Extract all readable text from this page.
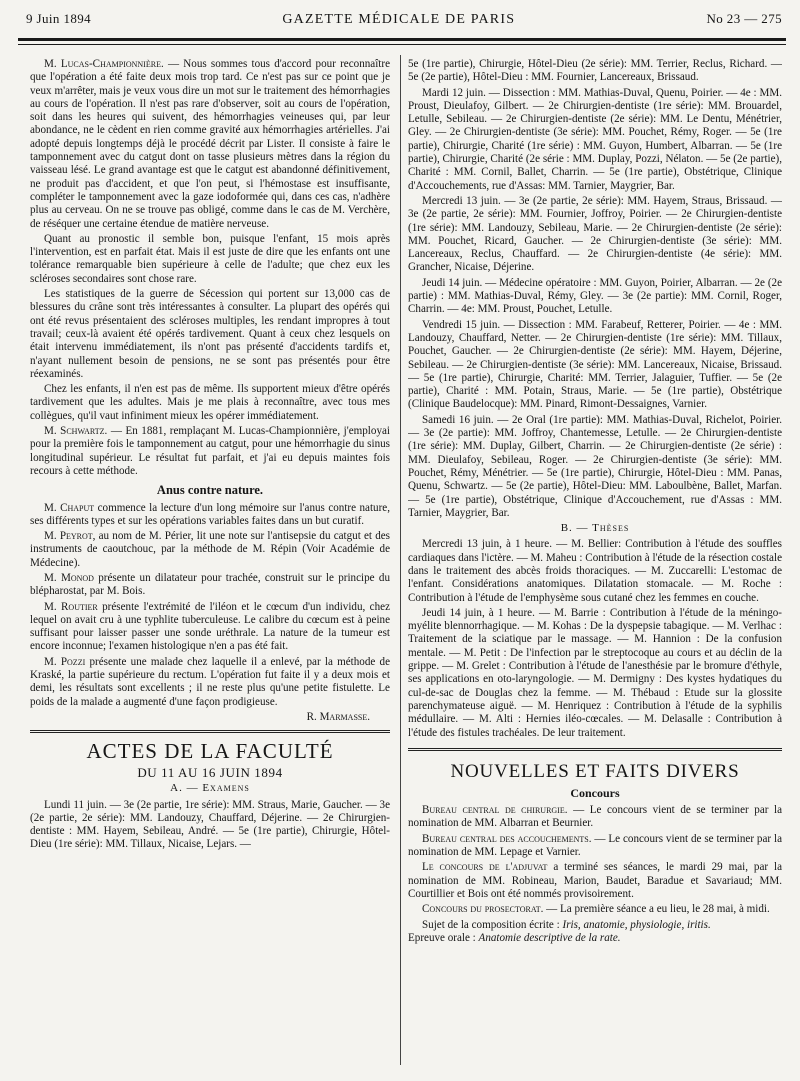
9 Juin 1894	GAZETTE MÉDICALE DE PARIS	No 23 — 275

M. Lucas-Championnière. — Nous sommes tous d'accord pour reconnaître que l'opération a été faite deux mois trop tard. Ce n'est pas sur ce point que je veux m'arrêter, mais je veux vous dire un mot sur le traitement des hémorrhagies au cours de l'opération. Il n'est pas rare d'observer, soit au cours de l'opération, soit dans les heures qui suivent, des hémorrhagies veineuses qui, par leur abondance, ne le cèdent en rien comme gravité aux hémorrhagies artérielles. J'ai adopté depuis longtemps déjà le procédé décrit par Lister. Il consiste à faire le tamponnement avec du catgut dont on tasse plusieurs mètres dans la région du vaisseau lésé. Le grand avantage est que le catgut est abandonné définitivement, ne produit pas d'accident, et que l'on peut, si l'hémostase est insuffisante, compléter le tamponnement avec la gaze iodoformée qui, dans ces cas, n'adhère plus au cerveau. On ne se trouve pas obligé, comme dans le cas de M. Verchère, de réséquer une certaine étendue de matière nerveuse.

Quant au pronostic il semble bon, puisque l'enfant, 15 mois après l'intervention, est en parfait état. Mais il est juste de dire que les enfants ont une tolérance remarquable bien supérieure à celle de l'adulte; que chez eux les scléroses secondaires sont chose rare.

Les statistiques de la guerre de Sécession qui portent sur 13,000 cas de blessures du crâne sont très intéressantes à consulter. La plupart des opérés qui ont été revus présentaient des scléroses multiples, les rendant impropres à tout travail; ceux-là avaient été opérés tardivement. Quant à ceux chez lesquels on était intervenu immédiatement, ils n'ont pas présenté d'accidents tardifs et, n'ayant nullement besoin de pensions, ne se sont pas présentés pour être réexaminés.

Chez les enfants, il n'en est pas de même. Ils supportent mieux d'être opérés tardivement que les adultes. Mais je me plais à reconnaître, avec tous mes collègues, qu'il vaut infiniment mieux les opérer immédiatement.

M. Schwartz. — En 1881, remplaçant M. Lucas-Championnière, j'employai pour la première fois le tamponnement au catgut, pour une hémorrhagie du sinus longitudinal supérieur. Le résultat fut parfait, et j'ai eu depuis maintes fois recours à cette méthode.

Anus contre nature.

M. Chaput commence la lecture d'un long mémoire sur l'anus contre nature, ses différents types et sur les opérations variables faites dans un but curatif.

M. Peyrot, au nom de M. Périer, lit une note sur l'antisepsie du catgut et des instruments de caoutchouc, par la méthode de M. Répin (Voir Académie de Médecine).

M. Monod présente un dilatateur pour trachée, construit sur le principe du blépharostat, par M. Bois.

M. Routier présente l'extrémité de l'iléon et le cœcum d'un individu, chez lequel on avait cru à une typhlite tuberculeuse. Le calibre du cœcum est à peine suffisant pour laisser passer une sonde uréthrale. La nature de la tumeur est encore inconnue; l'examen histologique n'en a pas été fait.

M. Pozzi présente une malade chez laquelle il a enlevé, par la méthode de Kraské, la partie supérieure du rectum. L'opération fut faite il y a deux mois et demi, les résultats sont excellents ; il ne reste plus qu'une petite fistulette. Le poids de la malade a augmenté d'une façon prodigieuse.

R. Marmasse.
ACTES DE LA FACULTÉ
DU 11 AU 16 JUIN 1894
A. — Examens

Lundi 11 juin. — 3e (2e partie, 1re série): MM. Straus, Marie, Gaucher. — 3e (2e partie, 2e série): MM. Landouzy, Chauffard, Déjerine. — 2e Chirurgien-dentiste : MM. Hayem, Sebileau, André. — 5e (1re partie), Chirurgie, Hôtel-Dieu (1re série): MM. Tillaux, Nicaise, Lejars. —

5e (1re partie), Chirurgie, Hôtel-Dieu (2e série): MM. Terrier, Reclus, Richard. — 5e (2e partie), Hôtel-Dieu : MM. Fournier, Lancereaux, Brissaud.

Mardi 12 juin. — Dissection : MM. Mathias-Duval, Quenu, Poirier. — 4e : MM. Proust, Dieulafoy, Gilbert. — 2e Chirurgien-dentiste (1re série): MM. Brouardel, Letulle, Sebileau. — 2e Chirurgien-dentiste (2e série): MM. Le Dentu, Ménétrier, Gley. — 2e Chirurgien-dentiste (3e série): MM. Pouchet, Rémy, Roger. — 5e (1re partie), Chirurgie, Charité (1re série) : MM. Guyon, Humbert, Albarran. — 5e (1re partie), Chirurgie, Charité (2e série : MM. Duplay, Pozzi, Nélaton. — 5e (2e partie), Charité : MM. Cornil, Ballet, Charrin. — 5e (1re partie), Obstétrique, Clinique d'Accouchements, rue d'Assas: MM. Tarnier, Maygrier, Bar.

Mercredi 13 juin. — 3e (2e partie, 2e série): MM. Hayem, Straus, Brissaud. — 3e (2e partie, 2e série): MM. Fournier, Joffroy, Poirier. — 2e Chirurgien-dentiste (1re série): MM. Landouzy, Sebileau, Marie. — 2e Chirurgien-dentiste (2e série): MM. Pouchet, Ricard, Gaucher. — 2e Chirurgien-dentiste (3e série): MM. Lancereaux, Reclus, Chauffard. — 2e Chirurgien-dentiste (4e série): MM. Grancher, Nicaise, Déjerine.

Jeudi 14 juin. — Médecine opératoire : MM. Guyon, Poirier, Albarran. — 2e (2e partie) : MM. Mathias-Duval, Rémy, Gley. — 3e (2e partie): MM. Cornil, Roger, Charrin. — 4e: MM. Proust, Pouchet, Letulle.

Vendredi 15 juin. — Dissection : MM. Farabeuf, Retterer, Poirier. — 4e : MM. Landouzy, Chauffard, Netter. — 2e Chirurgien-dentiste (1re série): MM. Tillaux, Pouchet, Gaucher. — 2e Chirurgien-dentiste (2e série): MM. Hayem, Déjerine, Sebileau. — 2e Chirurgien-dentiste (3e série): MM. Lancereaux, Nicaise, Brissaud. — 5e (1re partie), Chirurgie, Charité: MM. Terrier, Jalaguier, Tuffier. — 5e (2e partie), Charité : MM. Potain, Straus, Marie. — 5e (1re partie), Obstétrique (Clinique Baudelocque): MM. Pinard, Rimont-Dessaignes, Varnier.

Samedi 16 juin. — 2e Oral (1re partie): MM. Mathias-Duval, Richelot, Poirier. — 3e (2e partie): MM. Joffroy, Chantemesse, Letulle. — 2e Chirurgien-dentiste (1re série): MM. Duplay, Gilbert, Charrin. — 2e Chirurgien-dentiste (2e série) : MM. Dieulafoy, Sebileau, Roger. — 2e Chirurgien-dentiste (3e série): MM. Pouchet, Rémy, Ménétrier. — 5e (1re partie), Chirurgie, Hôtel-Dieu : MM. Panas, Quenu, Schwartz. — 5e (2e partie), Hôtel-Dieu: MM. Laboulbène, Ballet, Marfan. — 5e (1re partie), Obstétrique, Clinique d'Accouchement, rue d'Assas : MM. Tarnier, Maygrier, Bar.

B. — Thèses

Mercredi 13 juin, à 1 heure. — M. Bellier: Contribution à l'étude des souffles cardiaques dans l'ictère. — M. Maheu : Contribution à l'étude de la résection costale dans le traitement des abcès froids thoraciques. — M. Zuccarelli: L'estomac de l'enfant. Considérations anatomiques. Dilatation stomacale. — M. Roche : Contribution à l'étude de l'emphysème sous cutané chez les femmes en couche.

Jeudi 14 juin, à 1 heure. — M. Barrie : Contribution à l'étude de la méningo-myélite blennorrhagique. — M. Kohas : De la dyspepsie tabagique. — M. Verlhac : Traitement de la sciatique par le massage. — M. Hannion : De la confusion mentale. — M. Petit : De l'infection par le streptocoque au cours et au déclin de la grippe. — M. Grelet : Contribution à l'étude de l'anesthésie par le bromure d'éthyle, ses applications en oto-laryngologie. — M. Dermigny : Des kystes hydatiques du cul-de-sac de Douglas chez la femme. — M. Thébaud : Etude sur la glossite parenchymateuse aiguë. — M. Henriquez : Contribution à l'étude de la syphilis médullaire. — M. Alti : Hernies iléo-cœcales. — M. Delasalle : Contribution à l'étude des fistules trachéales. De leur traitement.

NOUVELLES ET FAITS DIVERS
Concours

Bureau central de chirurgie. — Le concours vient de se terminer par la nomination de MM. Albarran et Beurnier.

Bureau central des accouchements. — Le concours vient de se terminer par la nomination de MM. Lepage et Varnier.

Le concours de l'adjuvat a terminé ses séances, le mardi 29 mai, par la nomination de MM. Robineau, Marion, Baudet, Baradue et Savariaud; MM. Courtillier et Bois ont été nommés provisoirement.

Concours du prosectorat. — La première séance a eu lieu, le 28 mai, à midi.

Sujet de la composition écrite : Iris, anatomie, physiologie, iritis.
Epreuve orale : Anatomie descriptive de la rate.
